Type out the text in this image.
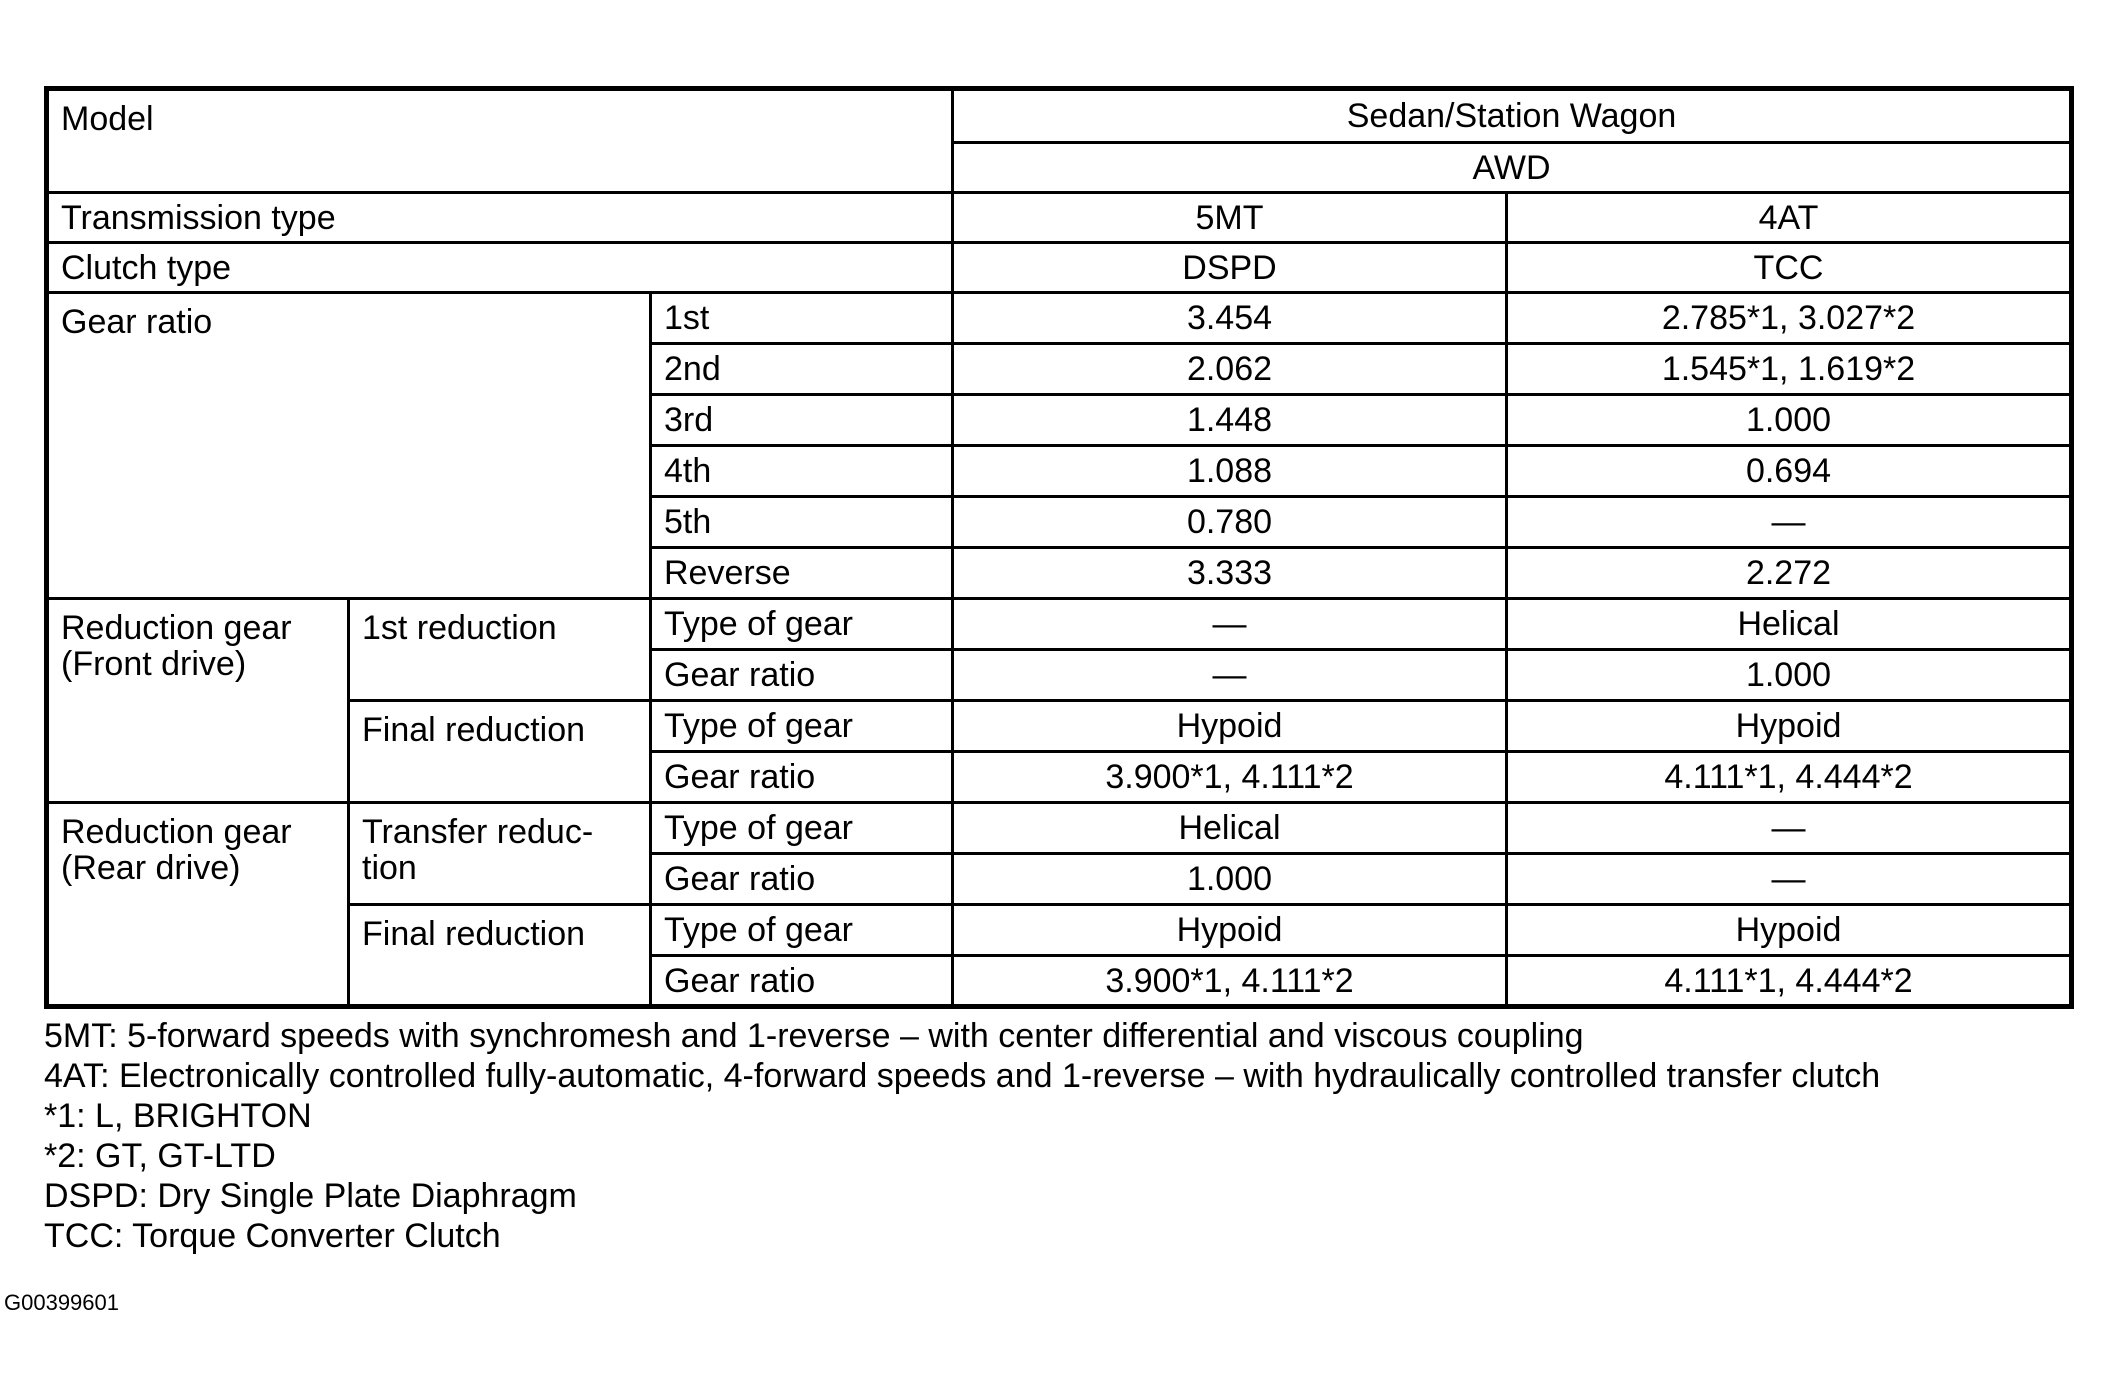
Model			Sedan/Station Wagon	
			AWD	
Transmission type			5MT	4AT
Clutch type			DSPD	TCC
Gear ratio		1st	3.454	2.785*1, 3.027*2
		2nd	2.062	1.545*1, 1.619*2
		3rd	1.448	1.000
		4th	1.088	0.694
		5th	0.780	—
		Reverse	3.333	2.272
Reduction gear (Front drive)	1st reduction	Type of gear	—	Helical
		Gear ratio	—	1.000
	Final reduction	Type of gear	Hypoid	Hypoid
		Gear ratio	3.900*1, 4.111*2	4.111*1, 4.444*2
Reduction gear (Rear drive)	Transfer reduc-tion	Type of gear	Helical	—
		Gear ratio	1.000	—
	Final reduction	Type of gear	Hypoid	Hypoid
		Gear ratio	3.900*1, 4.111*2	4.111*1, 4.444*2
5MT: 5-forward speeds with synchromesh and 1-reverse – with center differential and viscous coupling
4AT: Electronically controlled fully-automatic, 4-forward speeds and 1-reverse – with hydraulically controlled transfer clutch
*1: L, BRIGHTON
*2: GT, GT-LTD
DSPD: Dry Single Plate Diaphragm
TCC: Torque Converter Clutch
G00399601
